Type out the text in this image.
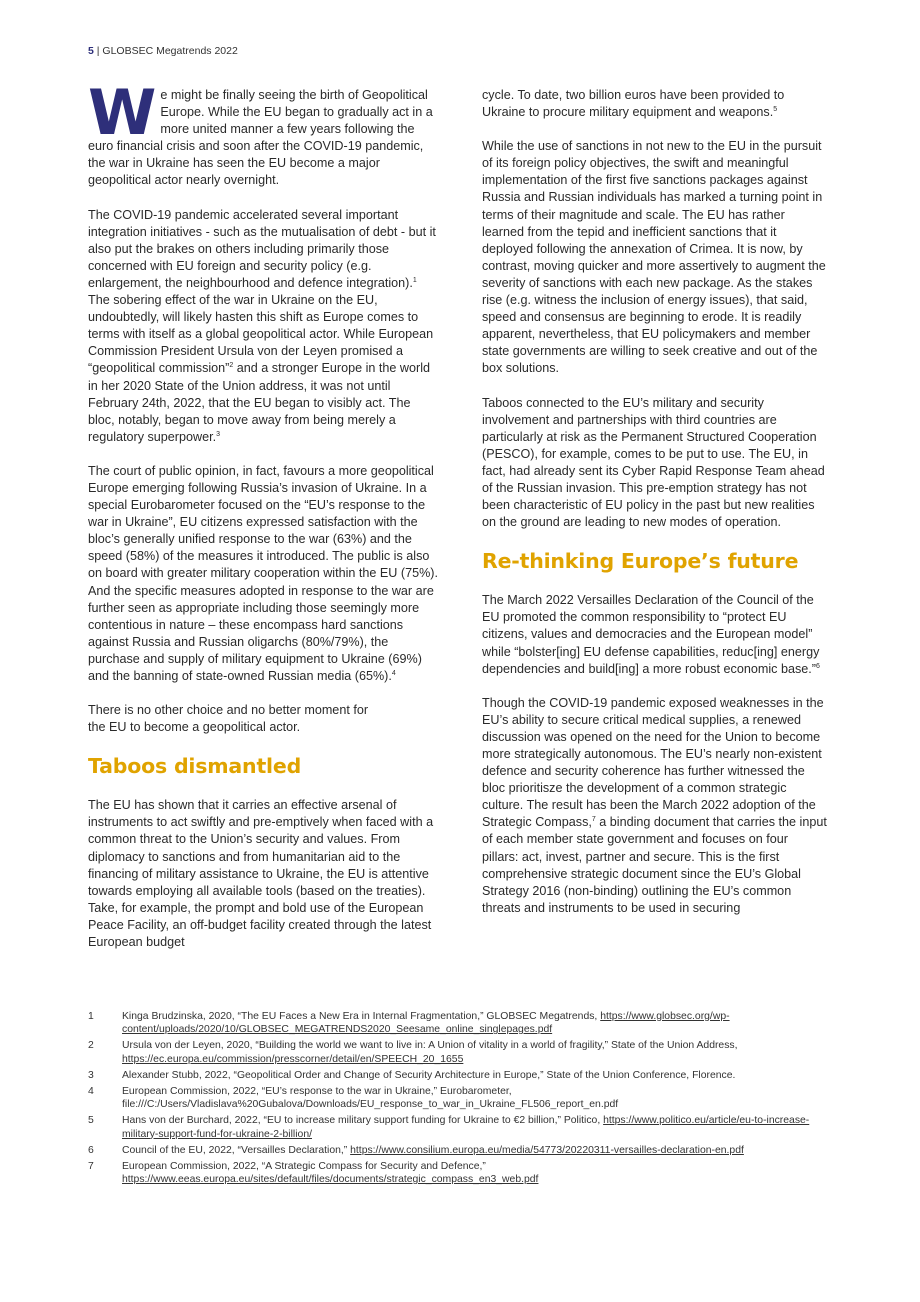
5 | GLOBSEC Megatrends 2022

We might be finally seeing the birth of Geopolitical Europe. While the EU began to gradually act in a more united manner a few years following the euro financial crisis and soon after the COVID-19 pandemic, the war in Ukraine has seen the EU become a major geopolitical actor nearly overnight.

The COVID-19 pandemic accelerated several important integration initiatives - such as the mutualisation of debt - but it also put the brakes on others including primarily those concerned with EU foreign and security policy (e.g. enlargement, the neighbourhood and defence integration).$^1$ The sobering effect of the war in Ukraine on the EU, undoubtedly, will likely hasten this shift as Europe comes to terms with itself as a global geopolitical actor. While European Commission President Ursula von der Leyen promised a “geopolitical commission”$^2$ and a stronger Europe in the world in her 2020 State of the Union address, it was not until February 24th, 2022, that the EU began to visibly act. The bloc, notably, began to move away from being merely a regulatory superpower.$^3$

The court of public opinion, in fact, favours a more geopolitical Europe emerging following Russia’s invasion of Ukraine. In a special Eurobarometer focused on the “EU’s response to the war in Ukraine”, EU citizens expressed satisfaction with the bloc’s generally unified response to the war (63%) and the speed (58%) of the measures it introduced. The public is also on board with greater military cooperation within the EU (75%). And the specific measures adopted in response to the war are further seen as appropriate including those seemingly more contentious in nature – these encompass hard sanctions against Russia and Russian oligarchs (80%/79%), the purchase and supply of military equipment to Ukraine (69%) and the banning of state-owned Russian media (65%).$^4$

There is no other choice and no better moment for the EU to become a geopolitical actor.

Taboos dismantled

The EU has shown that it carries an effective arsenal of instruments to act swiftly and pre-emptively when faced with a common threat to the Union’s security and values. From diplomacy to sanctions and from humanitarian aid to the financing of military assistance to Ukraine, the EU is attentive towards employing all available tools (based on the treaties). Take, for example, the prompt and bold use of the European Peace Facility, an off-budget facility created through the latest European budget

cycle. To date, two billion euros have been provided to Ukraine to procure military equipment and weapons.$^5$

While the use of sanctions in not new to the EU in the pursuit of its foreign policy objectives, the swift and meaningful implementation of the first five sanctions packages against Russia and Russian individuals has marked a turning point in terms of their magnitude and scale. The EU has rather learned from the tepid and inefficient sanctions that it deployed following the annexation of Crimea. It is now, by contrast, moving quicker and more assertively to augment the severity of sanctions with each new package. As the stakes rise (e.g. witness the inclusion of energy issues), that said, speed and consensus are beginning to erode. It is readily apparent, nevertheless, that EU policymakers and member state governments are willing to seek creative and out of the box solutions.

Taboos connected to the EU’s military and security involvement and partnerships with third countries are particularly at risk as the Permanent Structured Cooperation (PESCO), for example, comes to be put to use. The EU, in fact, had already sent its Cyber Rapid Response Team ahead of the Russian invasion. This pre-emption strategy has not been characteristic of EU policy in the past but new realities on the ground are leading to new modes of operation.

Re-thinking Europe’s future

The March 2022 Versailles Declaration of the Council of the EU promoted the common responsibility to “protect EU citizens, values and democracies and the European model” while “bolster[ing] EU defense capabilities, reduc[ing] energy dependencies and build[ing] a more robust economic base.”$^6$

Though the COVID-19 pandemic exposed weaknesses in the EU’s ability to secure critical medical supplies, a renewed discussion was opened on the need for the Union to become more strategically autonomous. The EU’s nearly non-existent defence and security coherence has further witnessed the bloc prioritisze the development of a common strategic culture. The result has been the March 2022 adoption of the Strategic Compass,$^7$ a binding document that carries the input of each member state government and focuses on four pillars: act, invest, partner and secure. This is the first comprehensive strategic document since the EU’s Global Strategy 2016 (non-binding) outlining the EU’s common threats and instruments to be used in securing

1	Kinga Brudzinska, 2020, “The EU Faces a New Era in Internal Fragmentation,” GLOBSEC Megatrends, https://www.globsec.org/wp-content/uploads/2020/10/GLOBSEC_MEGATRENDS2020_Seesame_online_singlepages.pdf
2	Ursula von der Leyen, 2020, “Building the world we want to live in: A Union of vitality in a world of fragility,” State of the Union Address, https://ec.europa.eu/commission/presscorner/detail/en/SPEECH_20_1655
3	Alexander Stubb, 2022, “Geopolitical Order and Change of Security Architecture in Europe,” State of the Union Conference, Florence.
4	European Commission, 2022, “EU’s response to the war in Ukraine,” Eurobarometer, file:///C:/Users/Vladislava%20Gubalova/Downloads/EU_response_to_war_in_Ukraine_FL506_report_en.pdf
5	Hans von der Burchard, 2022, “EU to increase military support funding for Ukraine to €2 billion,” Politico, https://www.politico.eu/article/eu-to-increase-military-support-fund-for-ukraine-2-billion/
6	Council of the EU, 2022, “Versailles Declaration,” https://www.consilium.europa.eu/media/54773/20220311-versailles-declaration-en.pdf
7	European Commission, 2022, “A Strategic Compass for Security and Defence,” https://www.eeas.europa.eu/sites/default/files/documents/strategic_compass_en3_web.pdf
